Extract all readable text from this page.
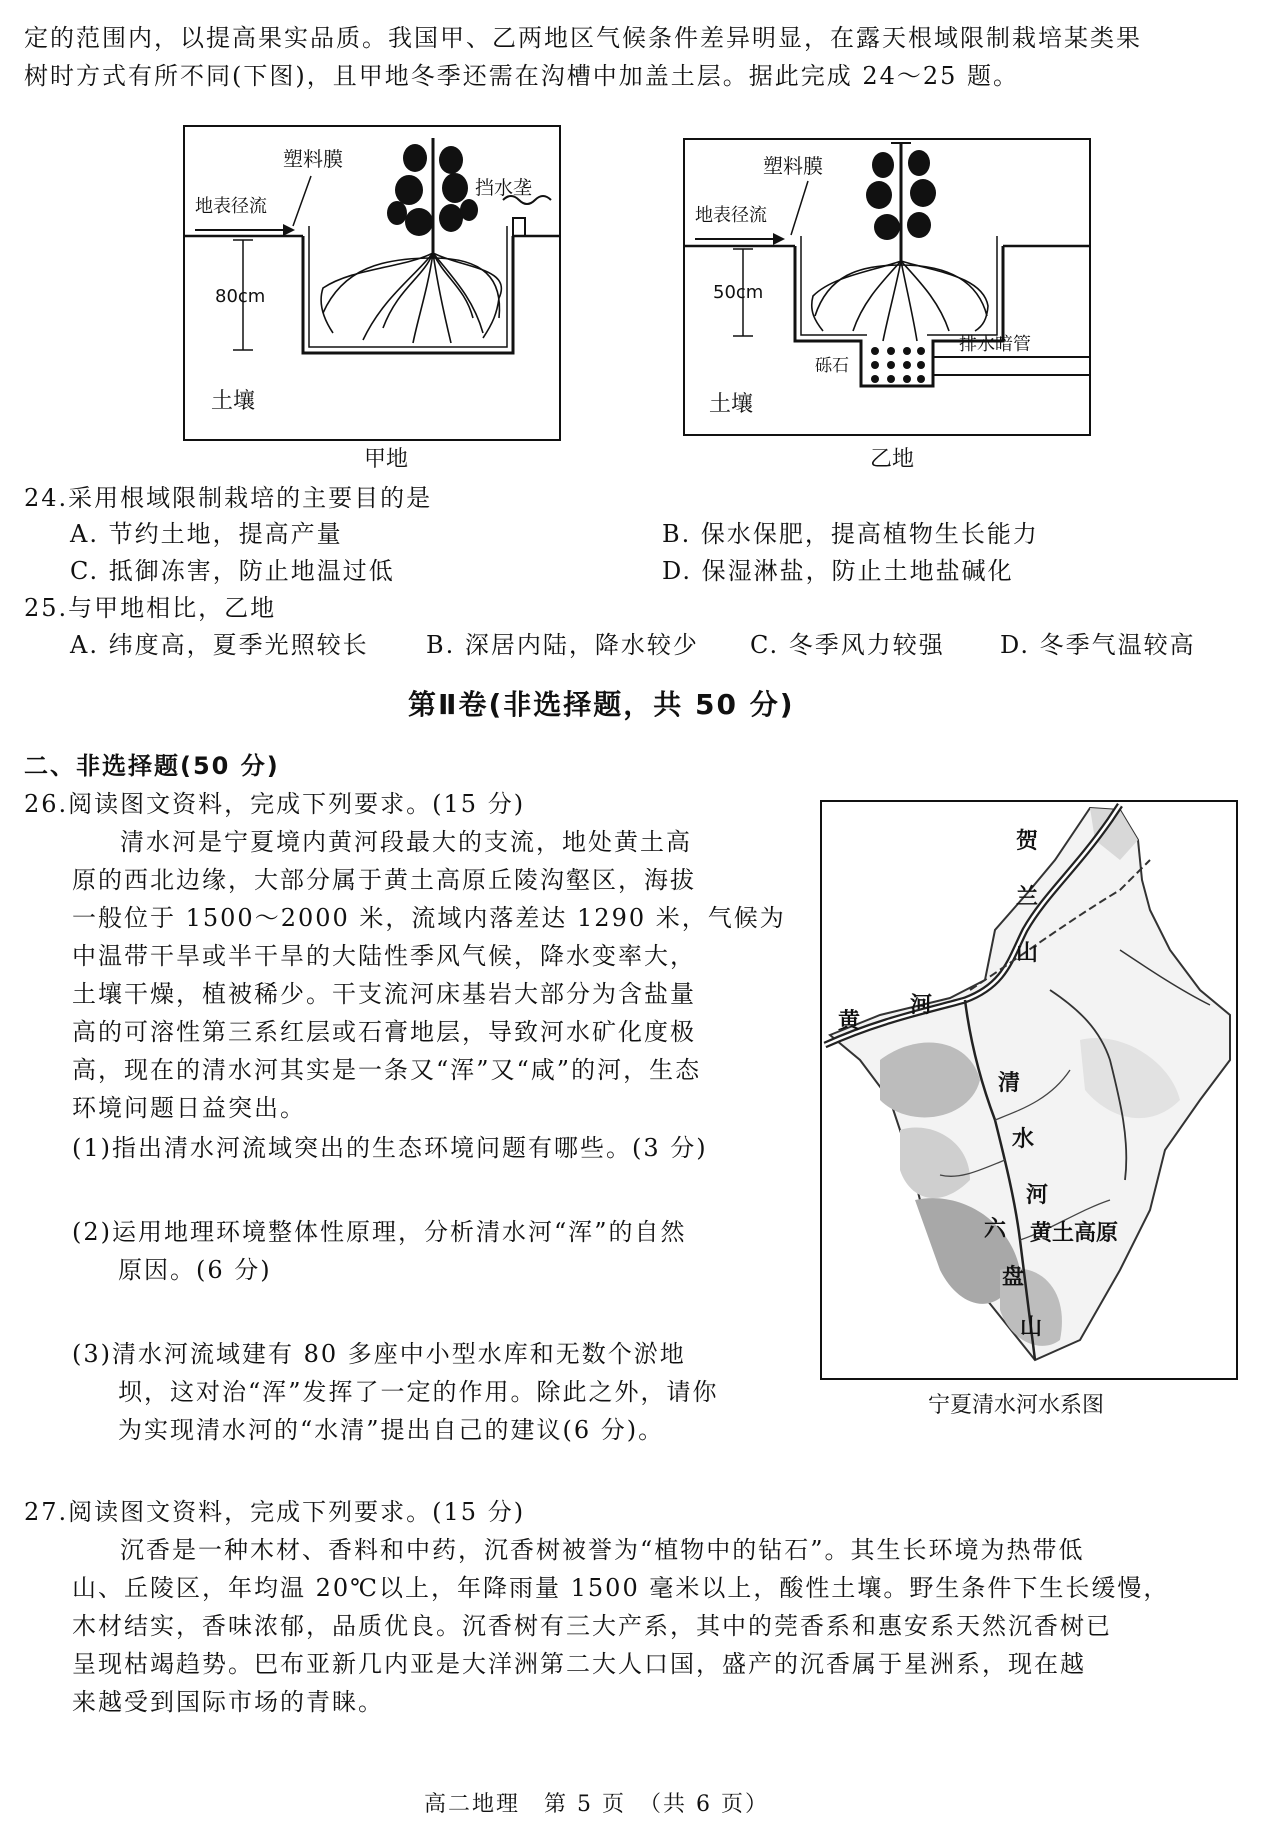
定的范围内，以提高果实品质。我国甲、乙两地区气候条件差异明显，在露天根域限制栽培某类果
树时方式有所不同(下图)，且甲地冬季还需在沟槽中加盖土层。据此完成 24～25 题。
塑料膜
地表径流
挡水垄
80cm
土壤
甲地
塑料膜
地表径流
50cm
砾石
排水暗管
土壤
乙地
24.采用根域限制栽培的主要目的是
A. 节约土地，提高产量	B. 保水保肥，提高植物生长能力
C. 抵御冻害，防止地温过低	D. 保湿淋盐，防止土地盐碱化
25.与甲地相比，乙地
A. 纬度高，夏季光照较长 B. 深居内陆，降水较少 C. 冬季风力较强 D. 冬季气温较高
第Ⅱ卷(非选择题，共 50 分)
二、非选择题(50 分)
26.阅读图文资料，完成下列要求。(15 分)
清水河是宁夏境内黄河段最大的支流，地处黄土高
原的西北边缘，大部分属于黄土高原丘陵沟壑区，海拔
一般位于 1500～2000 米，流域内落差达 1290 米，气候为
中温带干旱或半干旱的大陆性季风气候，降水变率大，
土壤干燥，植被稀少。干支流河床基岩大部分为含盐量
高的可溶性第三系红层或石膏地层，导致河水矿化度极
高，现在的清水河其实是一条又“浑”又“咸”的河，生态
环境问题日益突出。
(1)指出清水河流域突出的生态环境问题有哪些。(3 分)
(2)运用地理环境整体性原理，分析清水河“浑”的自然
原因。(6 分)
(3)清水河流域建有 80 多座中小型水库和无数个淤地
坝，这对治“浑”发挥了一定的作用。除此之外，请你
为实现清水河的“水清”提出自己的建议(6 分)。
贺
兰
山
黄
河
清
水
河
黄土高原
六
盘
山
宁夏清水河水系图
27.阅读图文资料，完成下列要求。(15 分)
沉香是一种木材、香料和中药，沉香树被誉为“植物中的钻石”。其生长环境为热带低
山、丘陵区，年均温 20℃以上，年降雨量 1500 毫米以上，酸性土壤。野生条件下生长缓慢，
木材结实，香味浓郁，品质优良。沉香树有三大产系，其中的莞香系和惠安系天然沉香树已
呈现枯竭趋势。巴布亚新几内亚是大洋洲第二大人口国，盛产的沉香属于星洲系，现在越
来越受到国际市场的青睐。
高二地理　第 5 页　（共 6 页）
